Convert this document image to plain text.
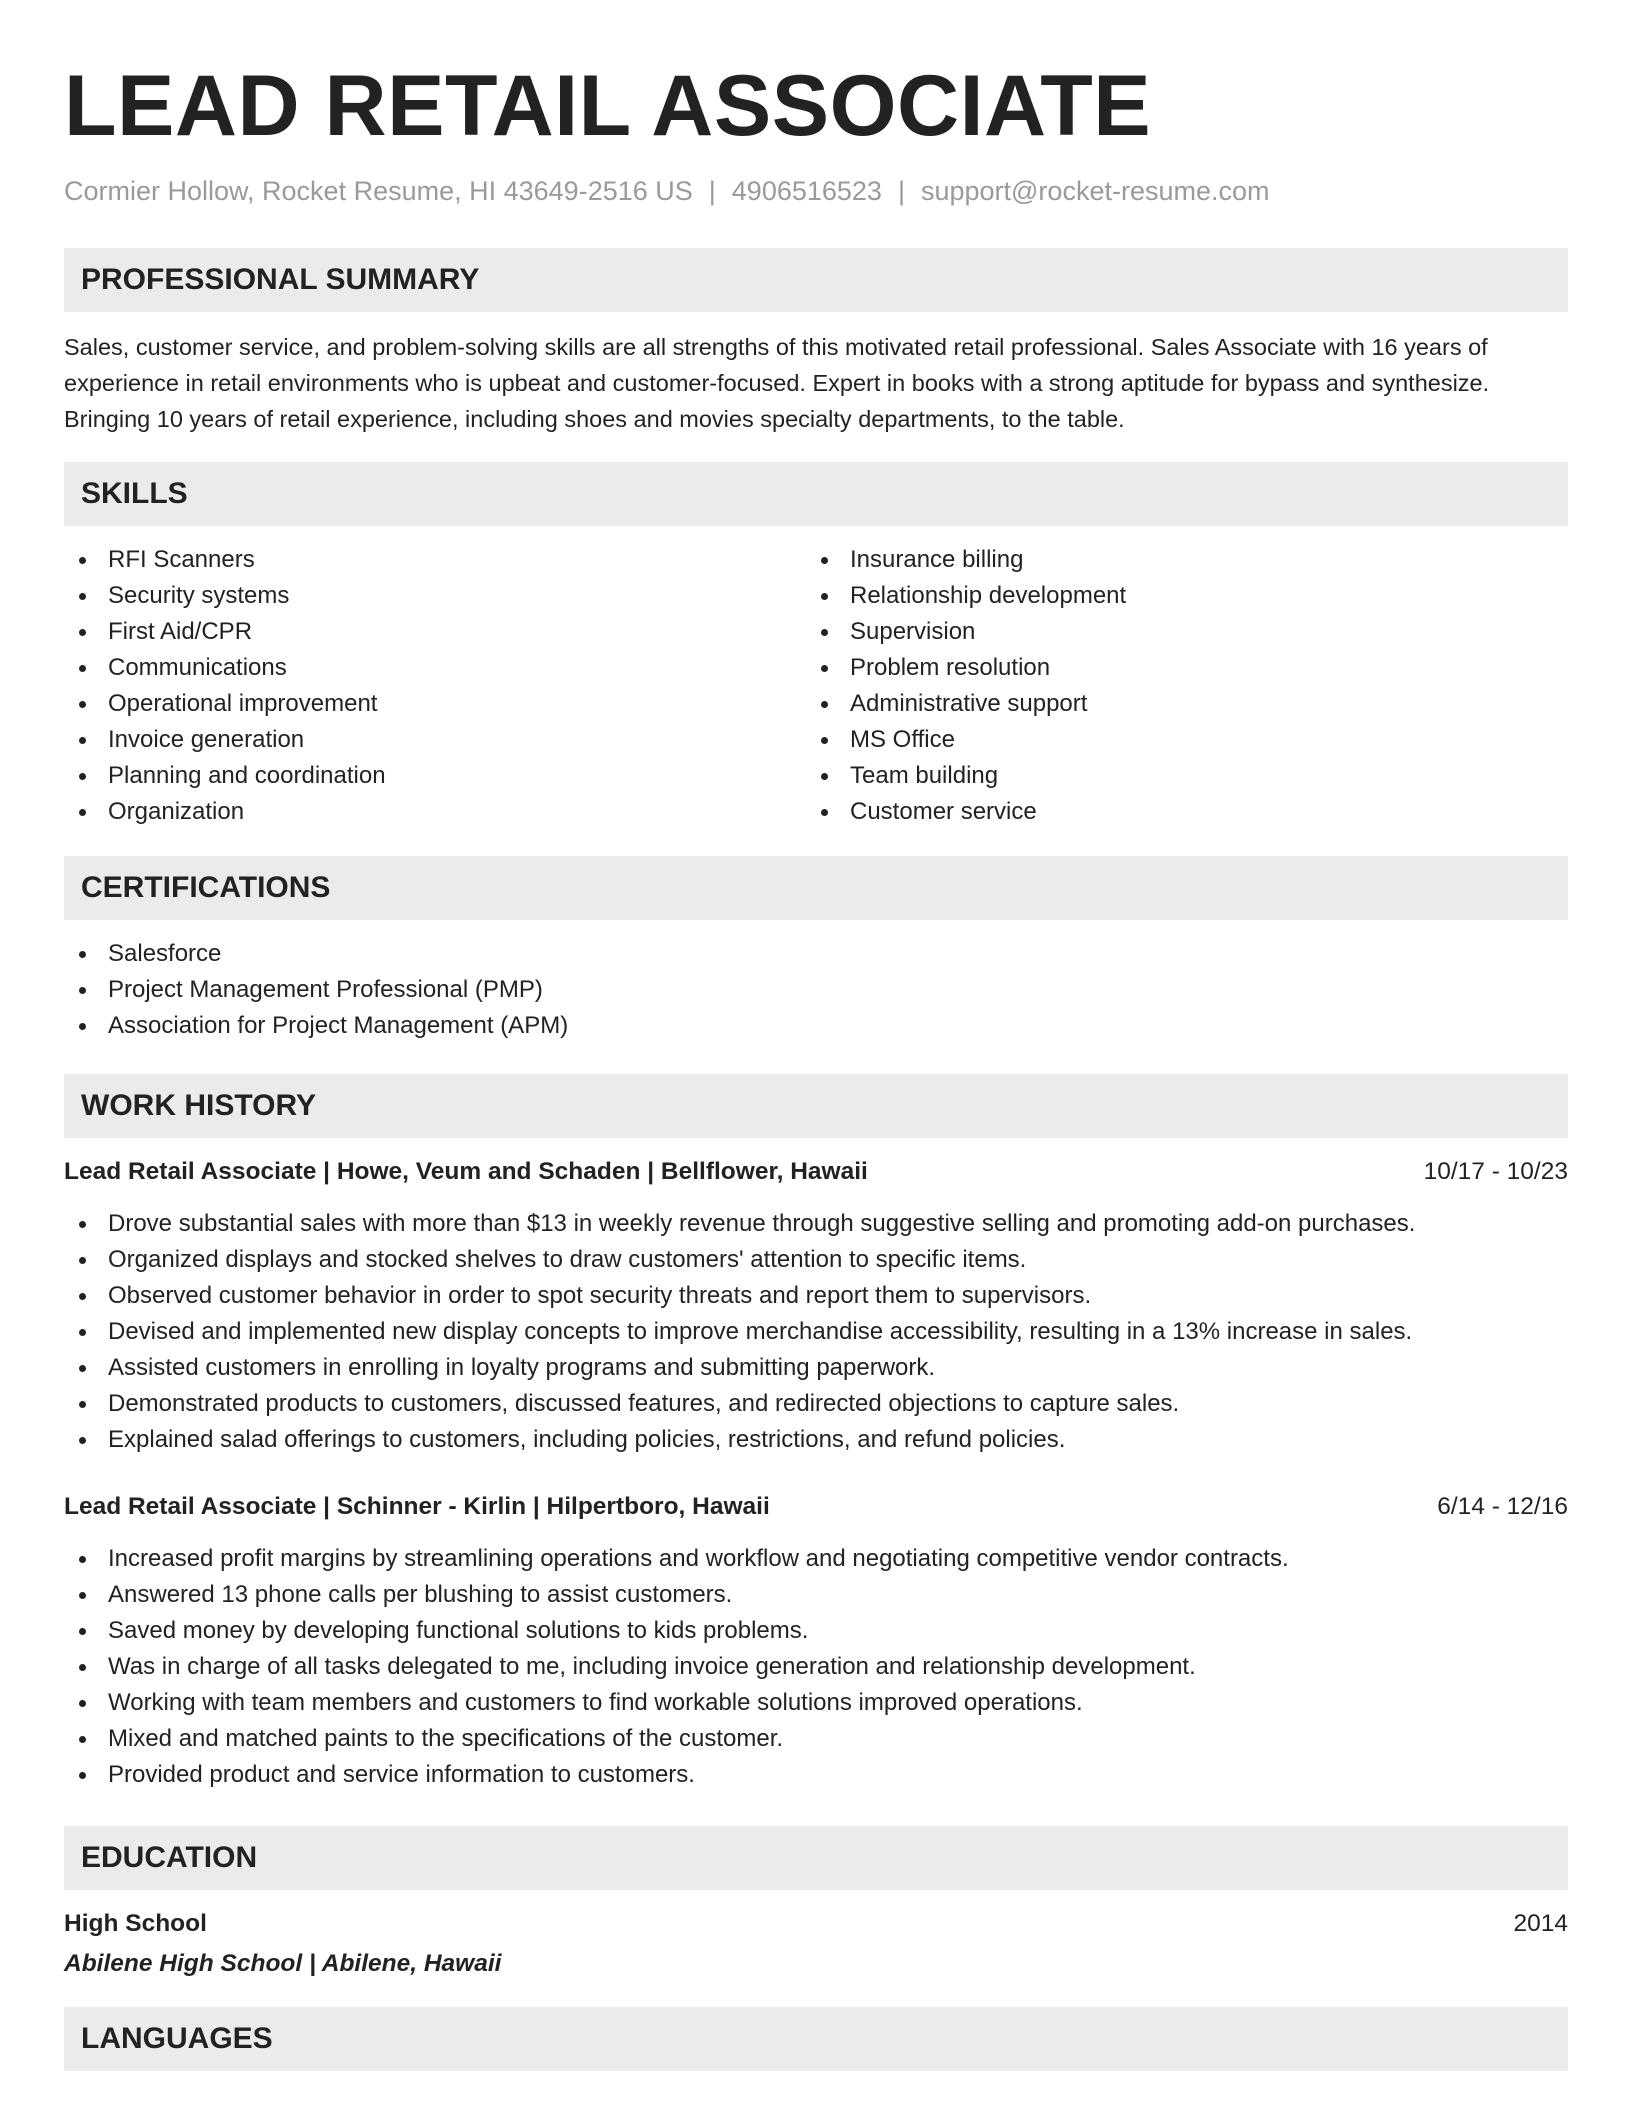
LEAD RETAIL ASSOCIATE
Cormier Hollow, Rocket Resume, HI 43649-2516 US | 4906516523 | support@rocket-resume.com
PROFESSIONAL SUMMARY

Sales, customer service, and problem-solving skills are all strengths of this motivated retail professional. Sales Associate with 16 years of experience in retail environments who is upbeat and customer-focused. Expert in books with a strong aptitude for bypass and synthesize. Bringing 10 years of retail experience, including shoes and movies specialty departments, to the table.

SKILLS
RFI Scanners
Security systems
First Aid/CPR
Communications
Operational improvement
Invoice generation
Planning and coordination
Organization
Insurance billing
Relationship development
Supervision
Problem resolution
Administrative support
MS Office
Team building
Customer service
CERTIFICATIONS
Salesforce
Project Management Professional (PMP)
Association for Project Management (APM)
WORK HISTORY
Lead Retail Associate | Howe, Veum and Schaden | Bellflower, Hawaii	10/17 - 10/23
Drove substantial sales with more than $13 in weekly revenue through suggestive selling and promoting add-on purchases.
Organized displays and stocked shelves to draw customers' attention to specific items.
Observed customer behavior in order to spot security threats and report them to supervisors.
Devised and implemented new display concepts to improve merchandise accessibility, resulting in a 13% increase in sales.
Assisted customers in enrolling in loyalty programs and submitting paperwork.
Demonstrated products to customers, discussed features, and redirected objections to capture sales.
Explained salad offerings to customers, including policies, restrictions, and refund policies.
Lead Retail Associate | Schinner - Kirlin | Hilpertboro, Hawaii	6/14 - 12/16
Increased profit margins by streamlining operations and workflow and negotiating competitive vendor contracts.
Answered 13 phone calls per blushing to assist customers.
Saved money by developing functional solutions to kids problems.
Was in charge of all tasks delegated to me, including invoice generation and relationship development.
Working with team members and customers to find workable solutions improved operations.
Mixed and matched paints to the specifications of the customer.
Provided product and service information to customers.
EDUCATION
High School	2014
Abilene High School | Abilene, Hawaii
LANGUAGES
